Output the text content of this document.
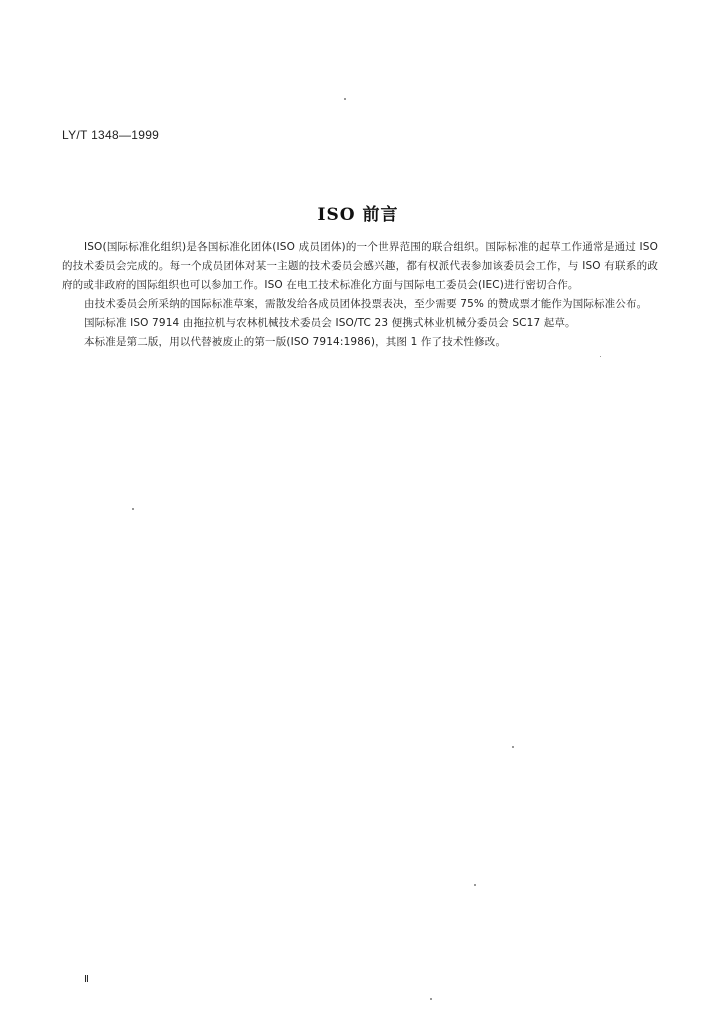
LY/T 1348—1999
ISO 前言

ISO(国际标准化组织)是各国标准化团体(ISO 成员团体)的一个世界范围的联合组织。国际标准的起草工作通常是通过 ISO 的技术委员会完成的。每一个成员团体对某一主题的技术委员会感兴趣，都有权派代表参加该委员会工作，与 ISO 有联系的政府的或非政府的国际组织也可以参加工作。ISO 在电工技术标准化方面与国际电工委员会(IEC)进行密切合作。

由技术委员会所采纳的国际标准草案，需散发给各成员团体投票表决，至少需要 75% 的赞成票才能作为国际标准公布。

国际标准 ISO 7914 由拖拉机与农林机械技术委员会 ISO/TC 23 便携式林业机械分委员会 SC17 起草。

本标准是第二版，用以代替被废止的第一版(ISO 7914:1986)，其图 1 作了技术性修改。

Ⅱ
